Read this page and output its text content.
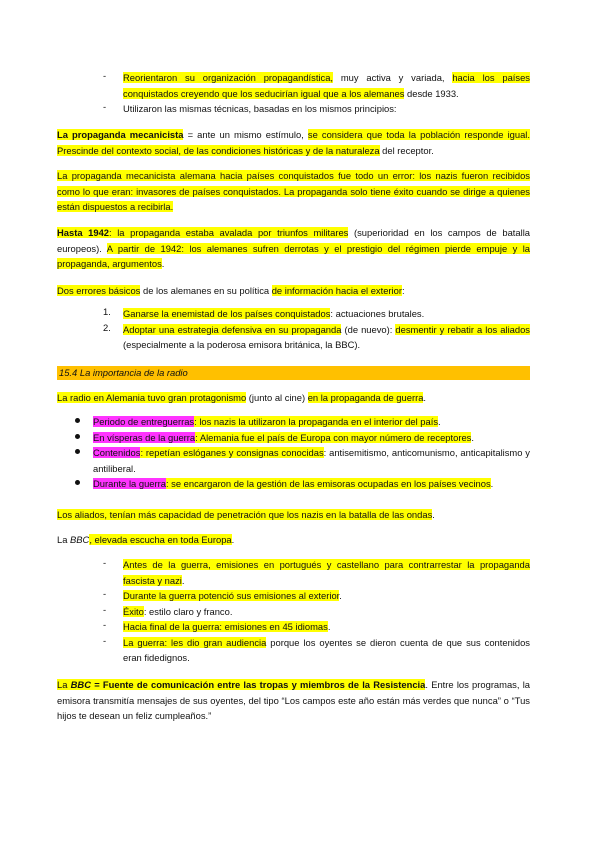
-	Reorientaron su organización propagandística, muy activa y variada, hacia los países conquistados creyendo que los seducirían igual que a los alemanes desde 1933.

-	Utilizaron las mismas técnicas, basadas en los mismos principios:

La propaganda mecanicista = ante un mismo estímulo, se considera que toda la población responde igual. Prescinde del contexto social, de las condiciones históricas y de la naturaleza del receptor.

La propaganda mecanicista alemana hacia países conquistados fue todo un error: los nazis fueron recibidos como lo que eran: invasores de países conquistados. La propaganda solo tiene éxito cuando se dirige a quienes están dispuestos a recibirla.

Hasta 1942: la propaganda estaba avalada por triunfos militares (superioridad en los campos de batalla europeos). A partir de 1942: los alemanes sufren derrotas y el prestigio del régimen pierde empuje y la propaganda, argumentos.

Dos errores básicos de los alemanes en su política de información hacia el exterior:

1.	Ganarse la enemistad de los países conquistados: actuaciones brutales.

2.	Adoptar una estrategia defensiva en su propaganda (de nuevo): desmentir y rebatir a los aliados (especialmente a la poderosa emisora británica, la BBC).

15.4 La importancia de la radio

La radio en Alemania tuvo gran protagonismo (junto al cine) en la propaganda de guerra.

Periodo de entreguerras: los nazis la utilizaron la propaganda en el interior del país.

En vísperas de la guerra: Alemania fue el país de Europa con mayor número de receptores.

Contenidos: repetían eslóganes y consignas conocidas: antisemitismo, anticomunismo, anticapitalismo y antiliberal.

Durante la guerra: se encargaron de la gestión de las emisoras ocupadas en los países vecinos.

Los aliados, tenían más capacidad de penetración que los nazis en la batalla de las ondas.

La BBC, elevada escucha en toda Europa.

-	Antes de la guerra, emisiones en portugués y castellano para contrarrestar la propaganda fascista y nazi.

-	Durante la guerra potenció sus emisiones al exterior.

-	Éxito: estilo claro y franco.

-	Hacia final de la guerra: emisiones en 45 idiomas.

-	La guerra: les dio gran audiencia porque los oyentes se dieron cuenta de que sus contenidos eran fidedignos.

La BBC = Fuente de comunicación entre las tropas y miembros de la Resistencia. Entre los programas, la emisora transmitía mensajes de sus oyentes, del tipo “Los campos este año están más verdes que nunca” o “Tus hijos te desean un feliz cumpleaños.”
